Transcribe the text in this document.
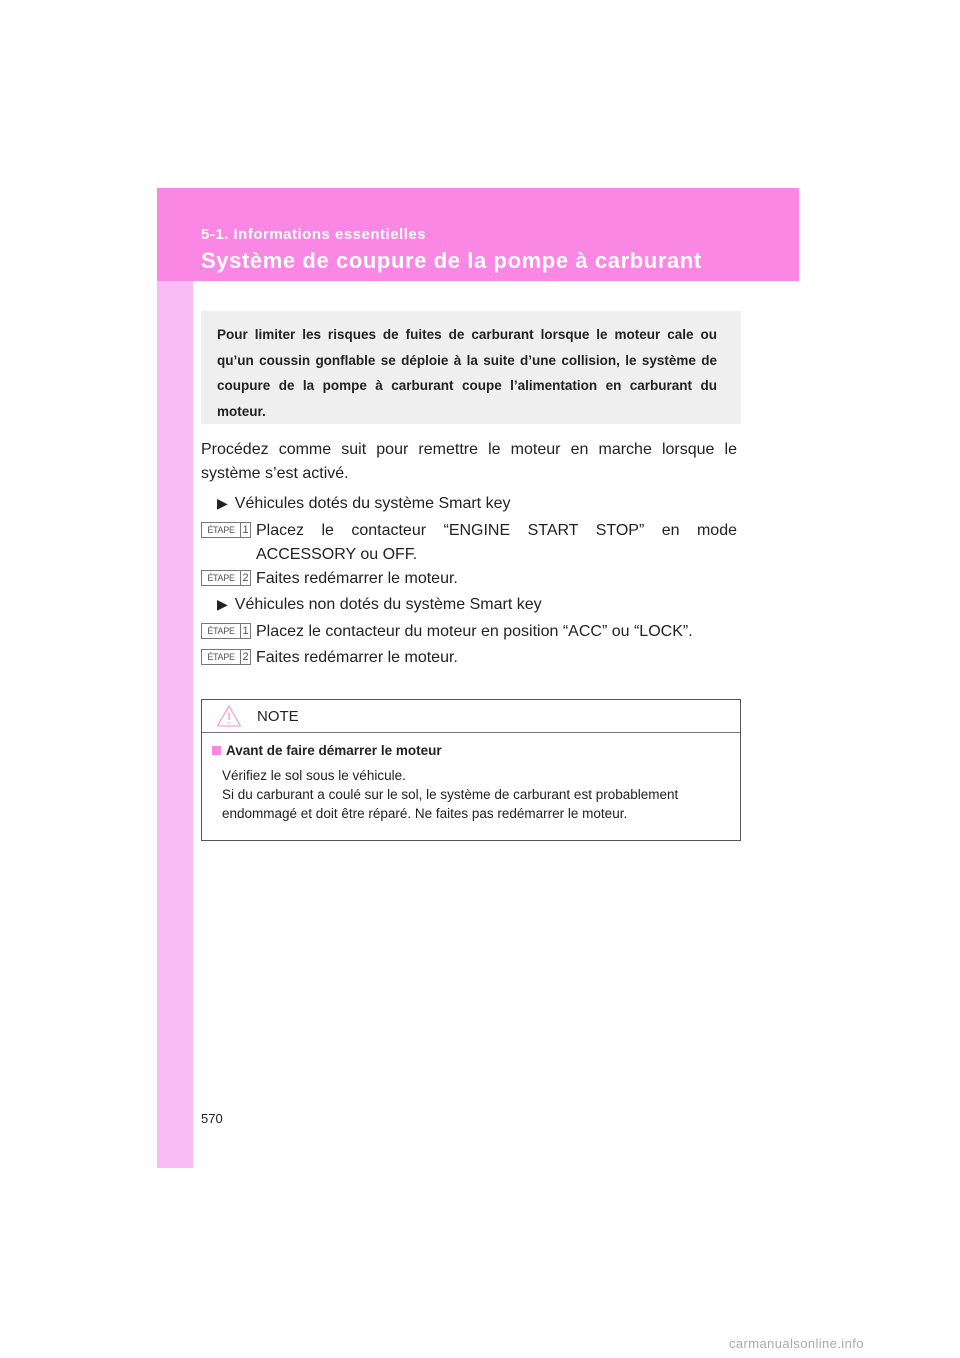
5-1. Informations essentielles
Système de coupure de la pompe à carburant

Pour limiter les risques de fuites de carburant lorsque le moteur cale ou qu’un coussin gonflable se déploie à la suite d’une collision, le système de coupure de la pompe à carburant coupe l’alimentation en carburant du moteur.

Procédez comme suit pour remettre le moteur en marche lorsque le système s’est activé.

▶ Véhicules dotés du système Smart key
ÉTAPE 1 Placez le contacteur “ENGINE START STOP” en mode ACCESSORY ou OFF.

ÉTAPE 2 Faites redémarrer le moteur.

▶ Véhicules non dotés du système Smart key
ÉTAPE 1 Placez le contacteur du moteur en position “ACC” ou “LOCK”.

ÉTAPE 2 Faites redémarrer le moteur.

NOTE
Avant de faire démarrer le moteur

Vérifiez le sol sous le véhicule.

Si du carburant a coulé sur le sol, le système de carburant est probablement

endommagé et doit être réparé. Ne faites pas redémarrer le moteur.

570
carmanualsonline.info
